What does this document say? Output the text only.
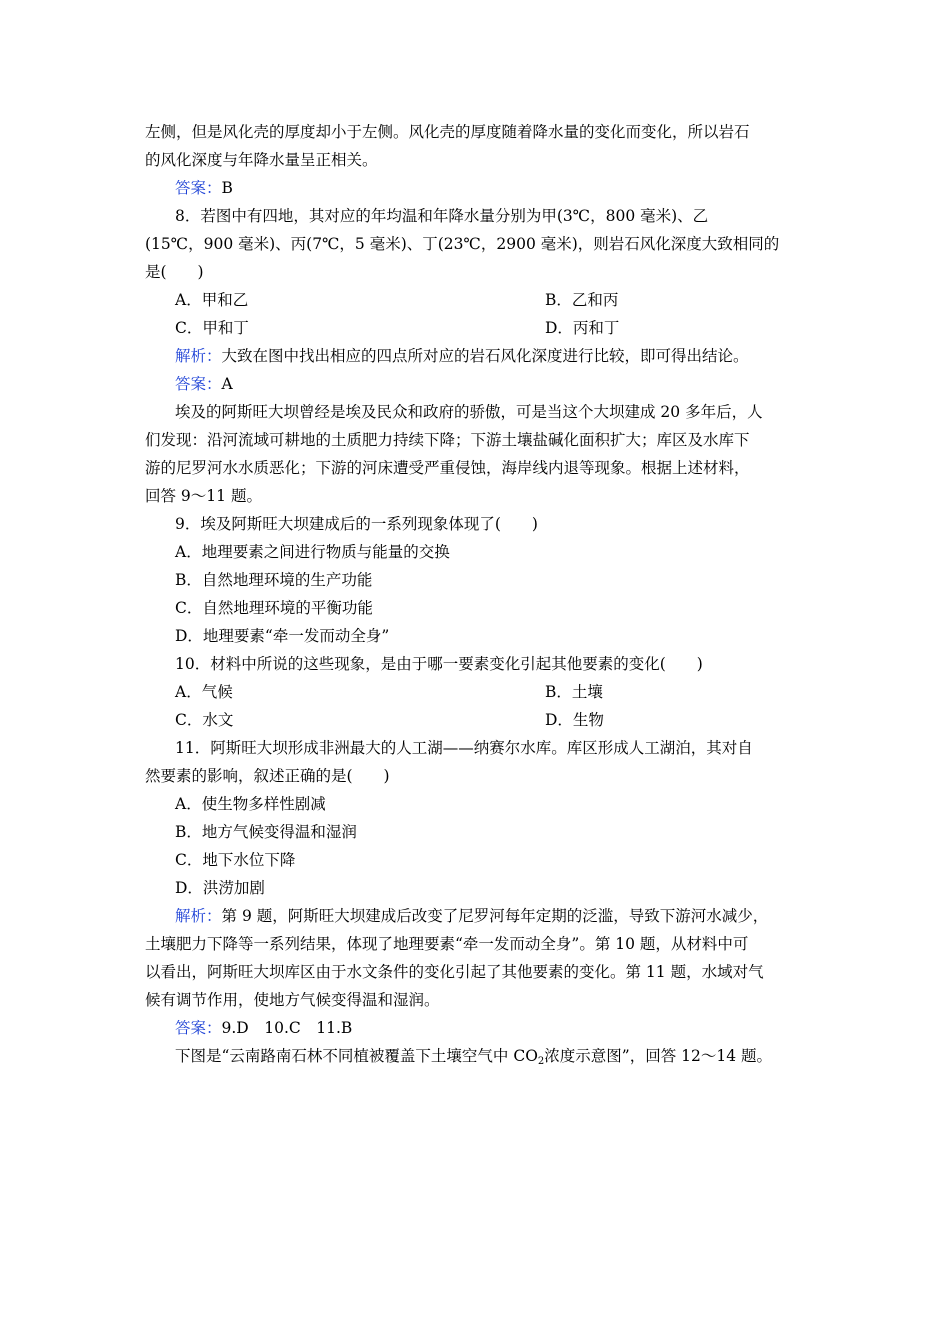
左侧，但是风化壳的厚度却小于左侧。风化壳的厚度随着降水量的变化而变化，所以岩石
的风化深度与年降水量呈正相关。
答案：B
8．若图中有四地，其对应的年均温和年降水量分别为甲(3℃，800 毫米)、乙
(15℃，900 毫米)、丙(7℃，5 毫米)、丁(23℃，2900 毫米)，则岩石风化深度大致相同的
是(　　)
A．甲和乙	B．乙和丙
C．甲和丁	D．丙和丁
解析：大致在图中找出相应的四点所对应的岩石风化深度进行比较，即可得出结论。
答案：A
埃及的阿斯旺大坝曾经是埃及民众和政府的骄傲，可是当这个大坝建成 20 多年后，人
们发现：沿河流域可耕地的土质肥力持续下降；下游土壤盐碱化面积扩大；库区及水库下
游的尼罗河水水质恶化；下游的河床遭受严重侵蚀，海岸线内退等现象。根据上述材料，
回答 9～11 题。
9．埃及阿斯旺大坝建成后的一系列现象体现了(　　)
A．地理要素之间进行物质与能量的交换
B．自然地理环境的生产功能
C．自然地理环境的平衡功能
D．地理要素“牵一发而动全身”
10．材料中所说的这些现象，是由于哪一要素变化引起其他要素的变化(　　)
A．气候	B．土壤
C．水文	D．生物
11．阿斯旺大坝形成非洲最大的人工湖——纳赛尔水库。库区形成人工湖泊，其对自
然要素的影响，叙述正确的是(　　)
A．使生物多样性剧减
B．地方气候变得温和湿润
C．地下水位下降
D．洪涝加剧
解析：第 9 题，阿斯旺大坝建成后改变了尼罗河每年定期的泛滥，导致下游河水减少，
土壤肥力下降等一系列结果，体现了地理要素“牵一发而动全身”。第 10 题，从材料中可
以看出，阿斯旺大坝库区由于水文条件的变化引起了其他要素的变化。第 11 题，水域对气
候有调节作用，使地方气候变得温和湿润。
答案：9.D　10.C　11.B
下图是“云南路南石林不同植被覆盖下土壤空气中 $CO_2$浓度示意图”，回答 12～14 题。
